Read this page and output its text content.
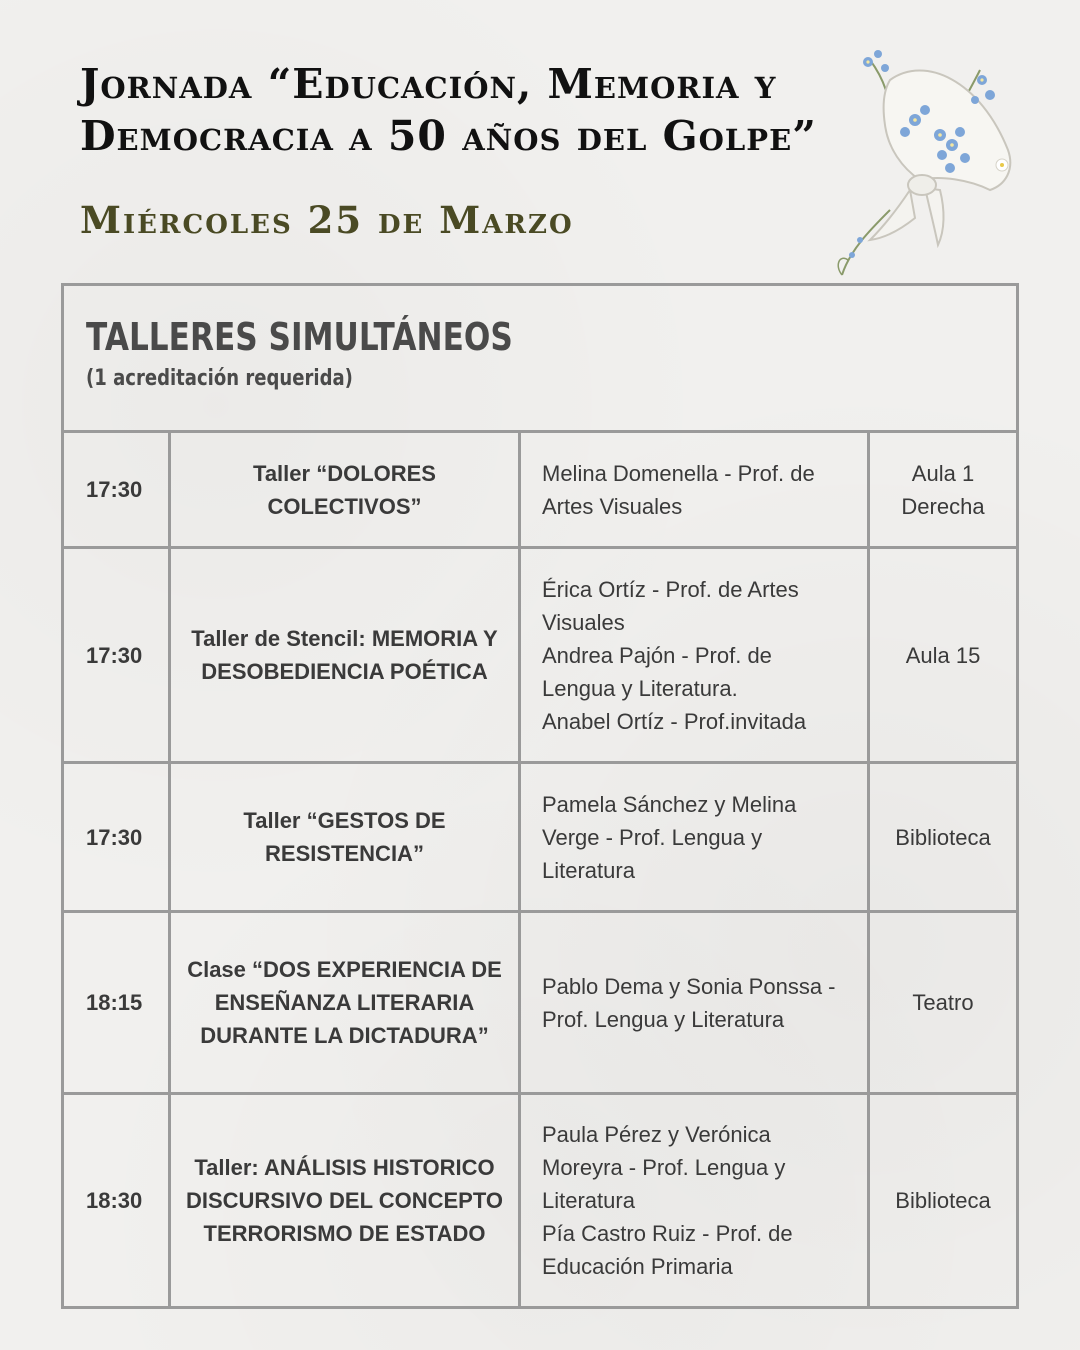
Jornada “Educación, Memoria y
Democracia a 50 años del Golpe”
Miércoles 25 de Marzo
TALLERES SIMULTÁNEOS
(1 acreditación requerida)
17:30
Taller “DOLORES COLECTIVOS”
Melina Domenella - Prof. de Artes Visuales
Aula 1 Derecha
17:30
Taller de Stencil: MEMORIA Y DESOBEDIENCIA POÉTICA
Érica Ortíz - Prof. de Artes Visuales
Andrea Pajón - Prof. de Lengua y Literatura.
Anabel Ortíz - Prof.invitada
Aula 15
17:30
Taller “GESTOS DE RESISTENCIA”
Pamela Sánchez y Melina Verge - Prof. Lengua y Literatura
Biblioteca
18:15
Clase “DOS EXPERIENCIA DE ENSEÑANZA LITERARIA DURANTE LA DICTADURA”
Pablo Dema y Sonia Ponssa - Prof. Lengua y Literatura
Teatro
18:30
Taller: ANÁLISIS HISTORICO DISCURSIVO DEL CONCEPTO TERRORISMO DE ESTADO
Paula Pérez y Verónica Moreyra - Prof. Lengua y Literatura
Pía Castro Ruiz - Prof. de Educación Primaria
Biblioteca
